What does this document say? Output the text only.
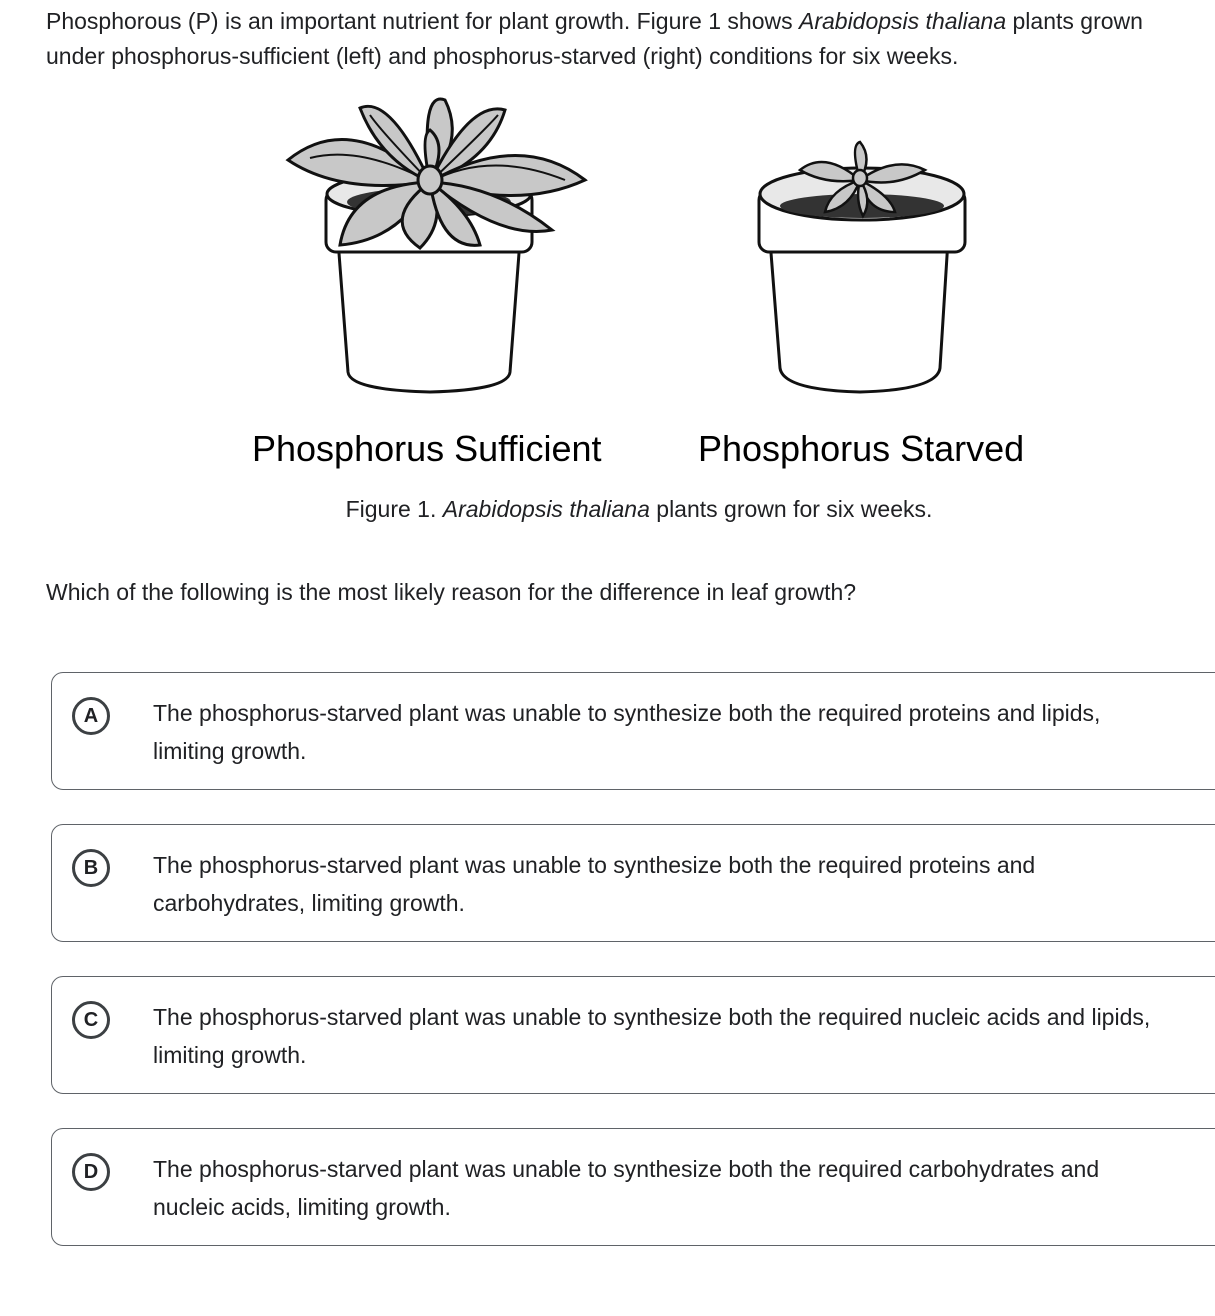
Phosphorous (P) is an important nutrient for plant growth. Figure 1 shows Arabidopsis thaliana plants grown under phosphorus-sufficient (left) and phosphorus-starved (right) conditions for six weeks.

Phosphorus Sufficient	Phosphorus Starved

Figure 1. Arabidopsis thaliana plants grown for six weeks.

Which of the following is the most likely reason for the difference in leaf growth?

A	The phosphorus-starved plant was unable to synthesize both the required proteins and lipids, limiting growth.

B	The phosphorus-starved plant was unable to synthesize both the required proteins and carbohydrates, limiting growth.

C	The phosphorus-starved plant was unable to synthesize both the required nucleic acids and lipids, limiting growth.

D	The phosphorus-starved plant was unable to synthesize both the required carbohydrates and nucleic acids, limiting growth.
